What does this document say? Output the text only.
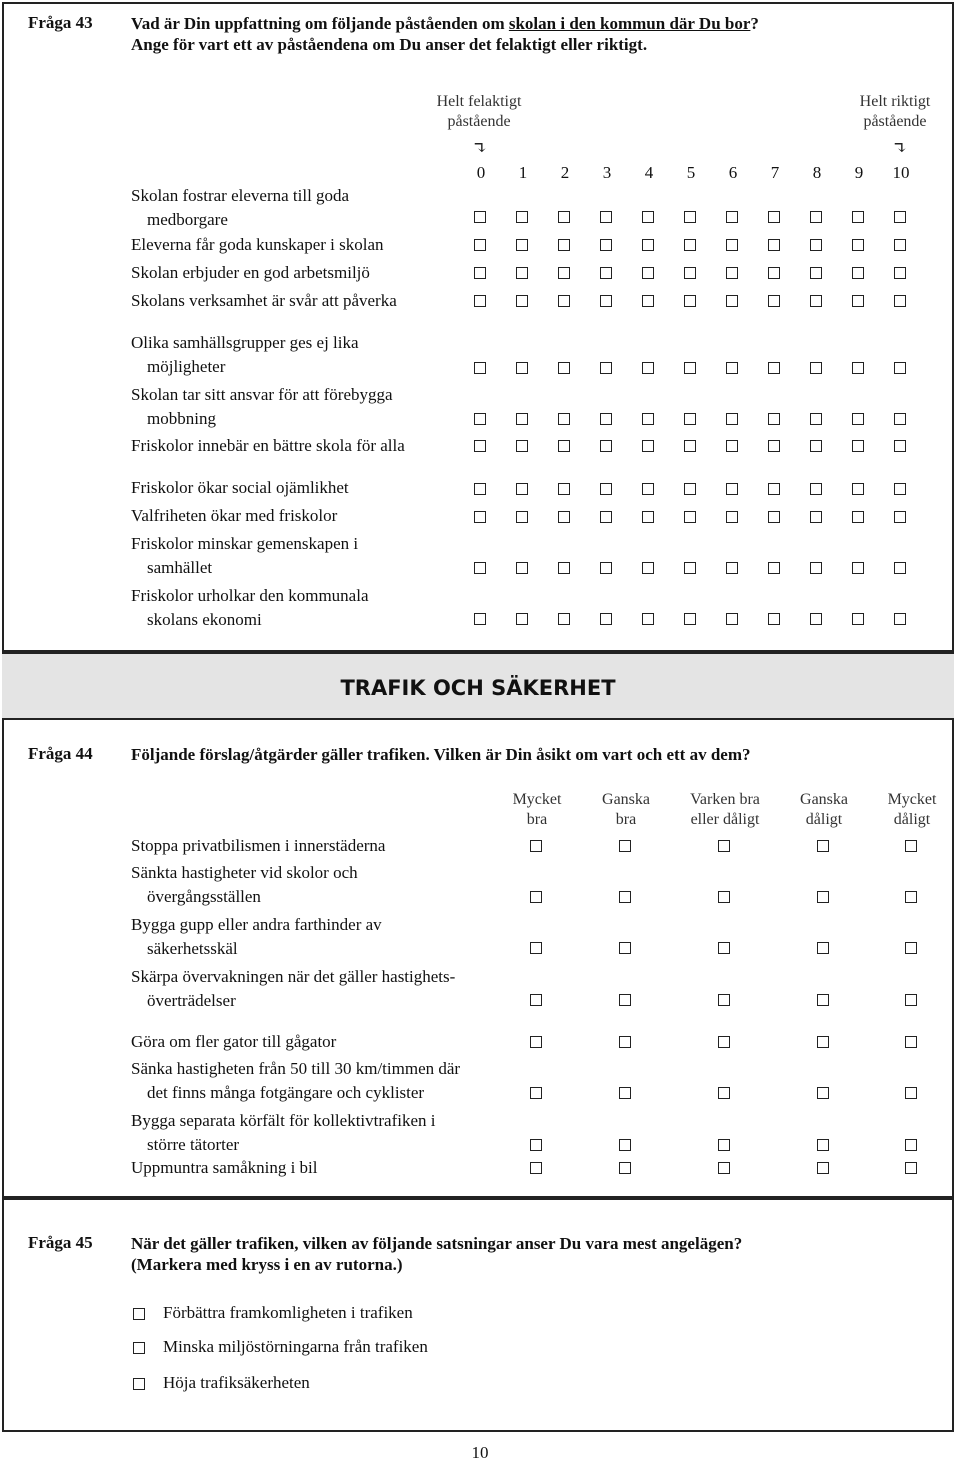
TRAFIK OCH SÄKERHET
Fråga 43 Vad är Din uppfattning om följande påståenden om skolan i den kommun där Du bor?
Ange för vart ett av påståendena om Du anser det felaktigt eller riktigt.
Helt felaktigt
påstående
Helt riktigt
påstående
↴	↴
0 1 2 3 4 5 6 7 8 9 10
Skolan fostrar eleverna till goda
medborgare
Eleverna får goda kunskaper i skolan
Skolan erbjuder en god arbetsmiljö
Skolans verksamhet är svår att påverka
Olika samhällsgrupper ges ej lika
möjligheter
Skolan tar sitt ansvar för att förebygga
mobbning
Friskolor innebär en bättre skola för alla
Friskolor ökar social ojämlikhet
Valfriheten ökar med friskolor
Friskolor minskar gemenskapen i
samhället
Friskolor urholkar den kommunala
skolans ekonomi
Fråga 44 Följande förslag/åtgärder gäller trafiken. Vilken är Din åsikt om vart och ett av dem?
Mycket
bra
Ganska
bra
Varken bra
eller dåligt
Ganska
dåligt
Mycket
dåligt
Stoppa privatbilismen i innerstäderna
Sänkta hastigheter vid skolor och
övergångsställen
Bygga gupp eller andra farthinder av
säkerhetsskäl
Skärpa övervakningen när det gäller hastighets-
överträdelser
Göra om fler gator till gågator
Sänka hastigheten från 50 till 30 km/timmen där
det finns många fotgängare och cyklister
Bygga separata körfält för kollektivtrafiken i
större tätorter
Uppmuntra samåkning i bil
Fråga 45 När det gäller trafiken, vilken av följande satsningar anser Du vara mest angelägen?
(Markera med kryss i en av rutorna.)
Förbättra framkomligheten i trafiken
Minska miljöstörningarna från trafiken
Höja trafiksäkerheten
10
